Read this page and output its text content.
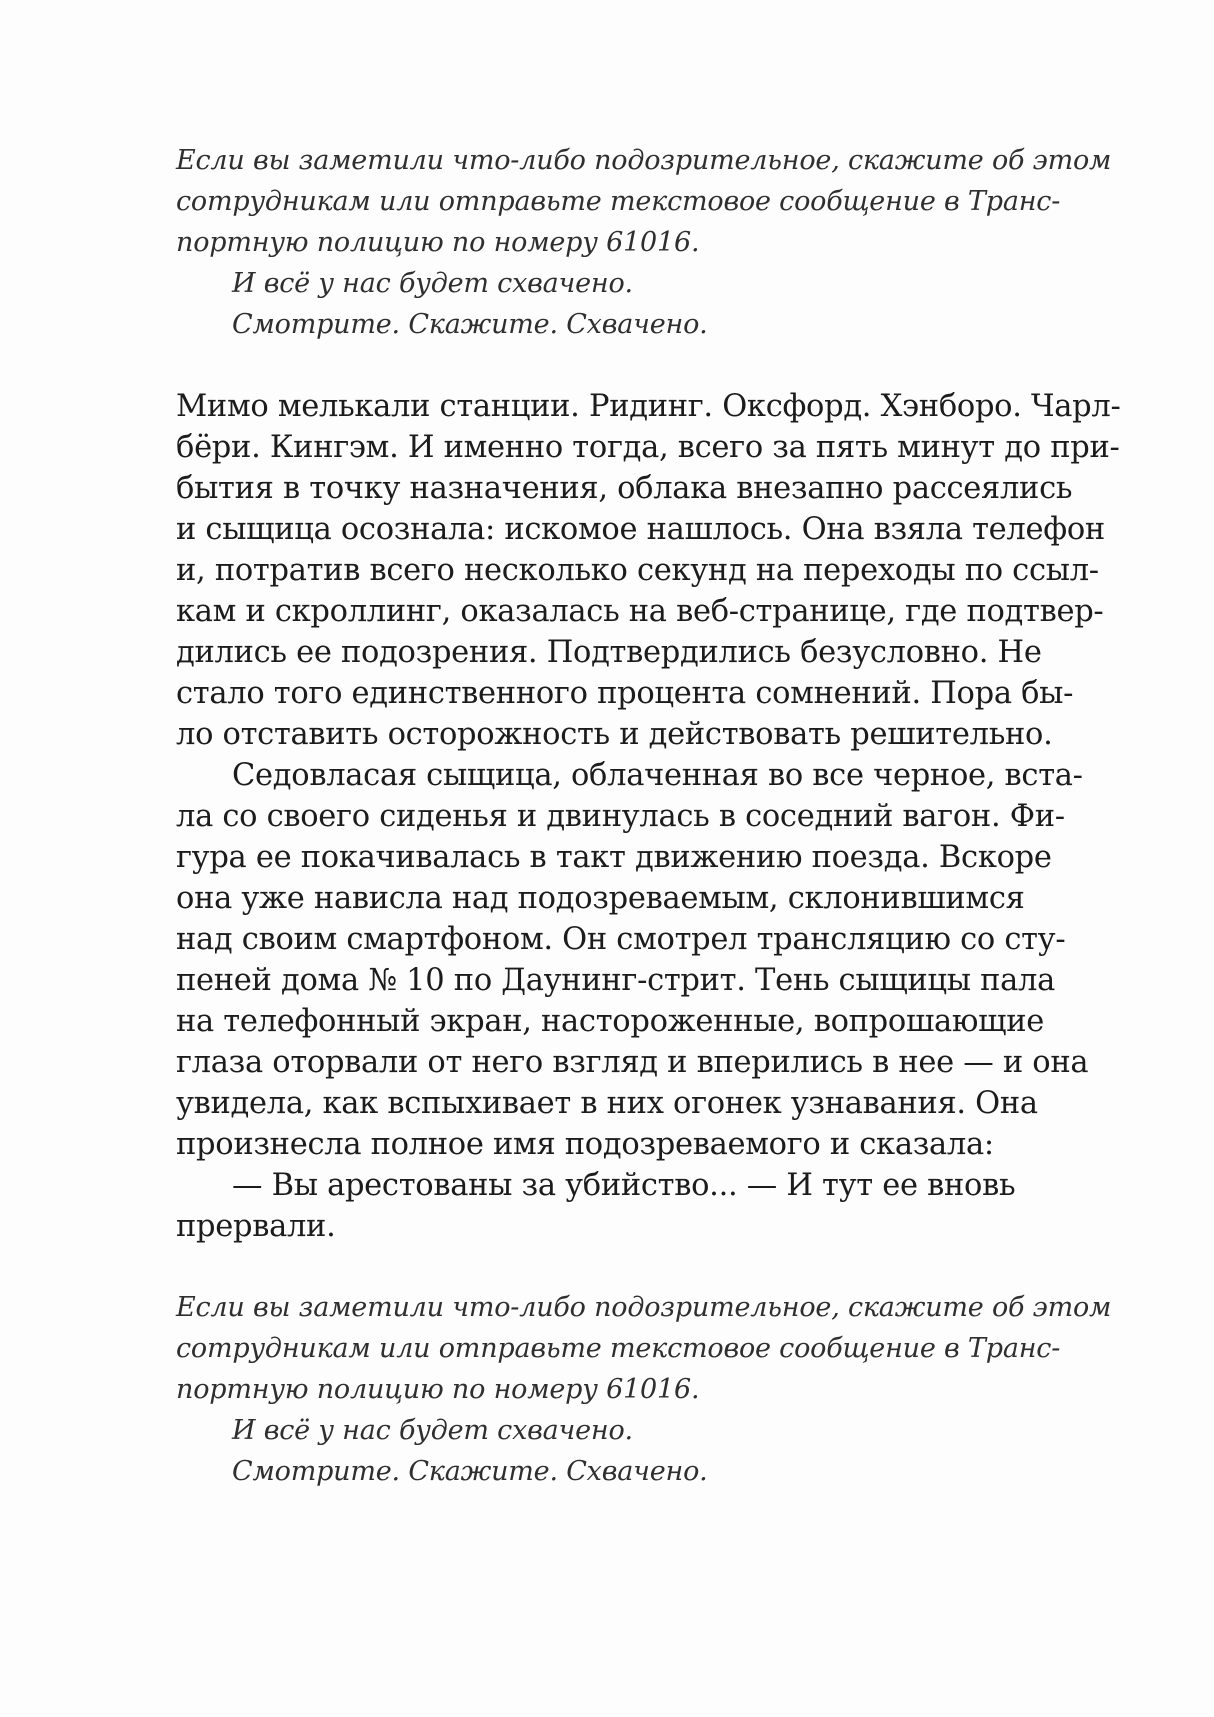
Если вы заметили что-либо подозрительное, скажите об этом
сотрудникам или отправьте текстовое сообщение в Транс-
портную полицию по номеру 61016.
И всё у нас будет схвачено.
Смотрите. Скажите. Схвачено.
Мимо мелькали станции. Ридинг. Оксфорд. Хэнборо. Чарл-
бёри. Кингэм. И именно тогда, всего за пять минут до при-
бытия в точку назначения, облака внезапно рассеялись
и сыщица осознала: искомое нашлось. Она взяла телефон
и, потратив всего несколько секунд на переходы по ссыл-
кам и скроллинг, оказалась на веб-странице, где подтвер-
дились ее подозрения. Подтвердились безусловно. Не
стало того единственного процента сомнений. Пора бы-
ло отставить осторожность и действовать решительно.
Седовласая сыщица, облаченная во все черное, вста-
ла со своего сиденья и двинулась в соседний вагон. Фи-
гура ее покачивалась в такт движению поезда. Вскоре
она уже нависла над подозреваемым, склонившимся
над своим смартфоном. Он смотрел трансляцию со сту-
пеней дома № 10 по Даунинг-стрит. Тень сыщицы пала
на телефонный экран, настороженные, вопрошающие
глаза оторвали от него взгляд и вперились в нее — и она
увидела, как вспыхивает в них огонек узнавания. Она
произнесла полное имя подозреваемого и сказала:
— Вы арестованы за убийство... — И тут ее вновь
прервали.
Если вы заметили что-либо подозрительное, скажите об этом
сотрудникам или отправьте текстовое сообщение в Транс-
портную полицию по номеру 61016.
И всё у нас будет схвачено.
Смотрите. Скажите. Схвачено.
